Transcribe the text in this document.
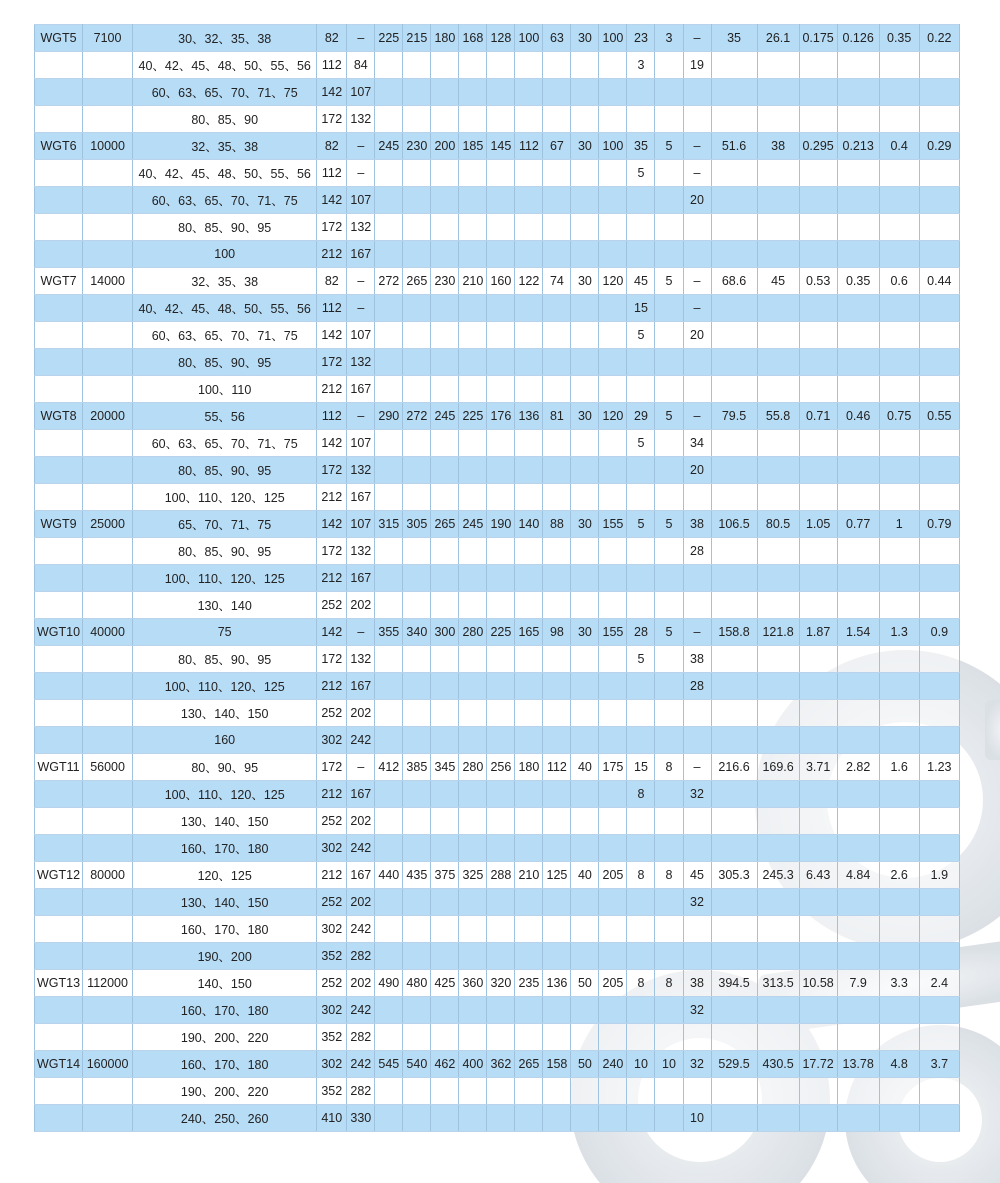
WGT5	7100	30、32、35、38	82	–	225	215	180	168	128	100	63	30	100	23	3	–	35	26.1	0.175	0.126	0.35	0.22
		40、42、45、48、50、55、56	112	84										3		19						
		60、63、65、70、71、75	142	107																		
		80、85、90	172	132																		
WGT6	10000	32、35、38	82	–	245	230	200	185	145	112	67	30	100	35	5	–	51.6	38	0.295	0.213	0.4	0.29
		40、42、45、48、50、55、56	112	–										5		–						
		60、63、65、70、71、75	142	107												20						
		80、85、90、95	172	132																		
		100	212	167																		
WGT7	14000	32、35、38	82	–	272	265	230	210	160	122	74	30	120	45	5	–	68.6	45	0.53	0.35	0.6	0.44
		40、42、45、48、50、55、56	112	–										15		–						
		60、63、65、70、71、75	142	107										5		20						
		80、85、90、95	172	132																		
		100、110	212	167																		
WGT8	20000	55、56	112	–	290	272	245	225	176	136	81	30	120	29	5	–	79.5	55.8	0.71	0.46	0.75	0.55
		60、63、65、70、71、75	142	107										5		34						
		80、85、90、95	172	132												20						
		100、110、120、125	212	167																		
WGT9	25000	65、70、71、75	142	107	315	305	265	245	190	140	88	30	155	5	5	38	106.5	80.5	1.05	0.77	1	0.79
		80、85、90、95	172	132												28						
		100、110、120、125	212	167																		
		130、140	252	202																		
WGT10	40000	75	142	–	355	340	300	280	225	165	98	30	155	28	5	–	158.8	121.8	1.87	1.54	1.3	0.9
		80、85、90、95	172	132										5		38						
		100、110、120、125	212	167												28						
		130、140、150	252	202																		
		160	302	242																		
WGT11	56000	80、90、95	172	–	412	385	345	280	256	180	112	40	175	15	8	–	216.6	169.6	3.71	2.82	1.6	1.23
		100、110、120、125	212	167										8		32						
		130、140、150	252	202																		
		160、170、180	302	242																		
WGT12	80000	120、125	212	167	440	435	375	325	288	210	125	40	205	8	8	45	305.3	245.3	6.43	4.84	2.6	1.9
		130、140、150	252	202												32						
		160、170、180	302	242																		
		190、200	352	282																		
WGT13	112000	140、150	252	202	490	480	425	360	320	235	136	50	205	8	8	38	394.5	313.5	10.58	7.9	3.3	2.4
		160、170、180	302	242												32						
		190、200、220	352	282																		
WGT14	160000	160、170、180	302	242	545	540	462	400	362	265	158	50	240	10	10	32	529.5	430.5	17.72	13.78	4.8	3.7
		190、200、220	352	282																		
		240、250、260	410	330												10						
